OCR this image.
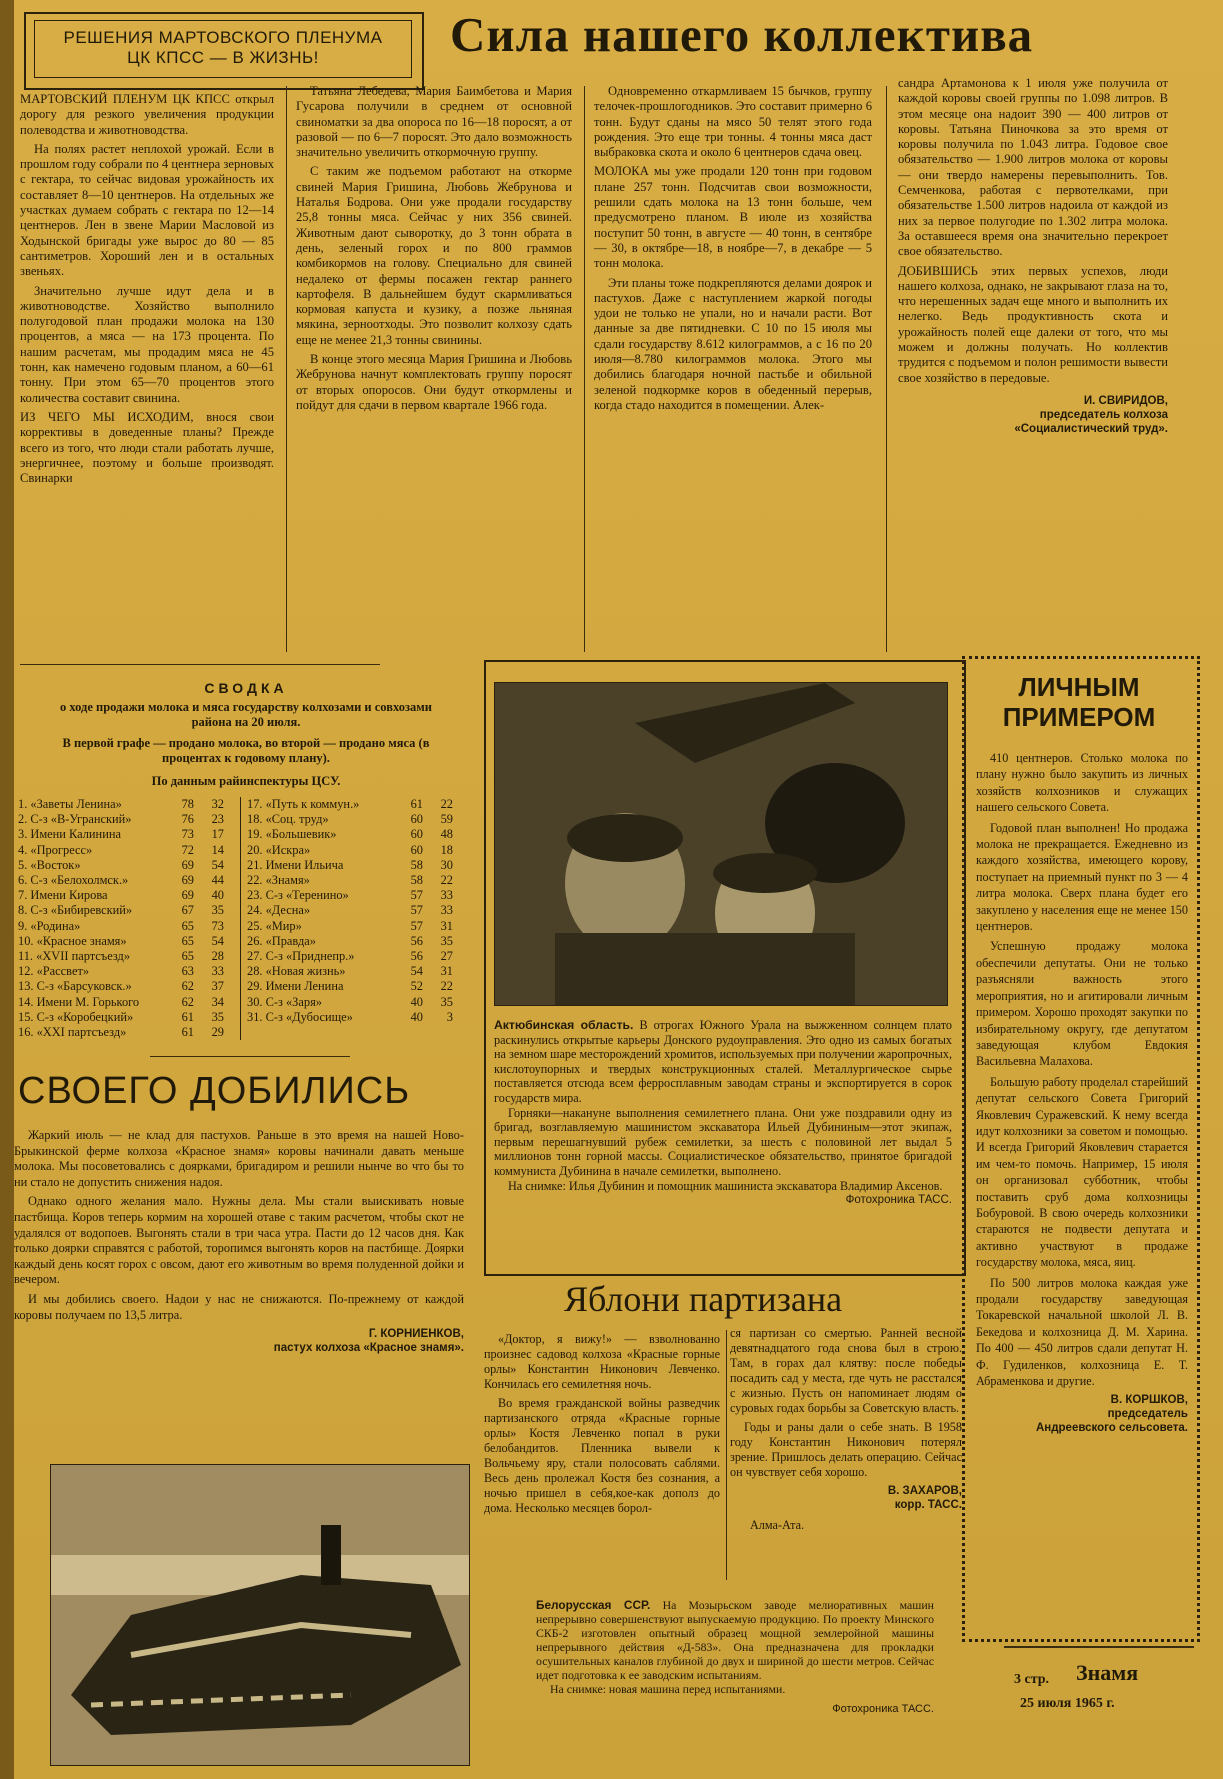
РЕШЕНИЯ МАРТОВСКОГО ПЛЕНУМА
ЦК КПСС — В ЖИЗНЬ!	Сила нашего коллектива

МАРТОВСКИЙ ПЛЕНУМ ЦК КПСС открыл дорогу для резкого увеличения продукции полеводства и животноводства.

На полях растет неплохой урожай. Если в прошлом году собрали по 4 центнера зерновых с гектара, то сейчас видовая урожайность их составляет 8—10 центнеров. На отдельных же участках думаем собрать с гектара по 12—14 центнеров. Лен в звене Марии Масловой из Ходынской бригады уже вырос до 80 — 85 сантиметров. Хороший лен и в остальных звеньях.

Значительно лучше идут дела и в животноводстве. Хозяйство выполнило полугодовой план продажи молока на 130 процентов, а мяса — на 173 процента. По нашим расчетам, мы продадим мяса не 45 тонн, как намечено годовым планом, а 60—61 тонну. При этом 65—70 процентов этого количества составит свинина.

ИЗ ЧЕГО МЫ ИСХОДИМ, внося свои коррективы в доведенные планы? Прежде всего из того, что люди стали работать лучше, энергичнее, поэтому и больше производят. Свинарки

Татьяна Лебедева, Мария Баимбетова и Мария Гусарова получили в среднем от основной свиноматки за два опороса по 16—18 поросят, а от разовой — по 6—7 поросят. Это дало возможность значительно увеличить откормочную группу.

С таким же подъемом работают на откорме свиней Мария Гришина, Любовь Жебрунова и Наталья Бодрова. Они уже продали государству 25,8 тонны мяса. Сейчас у них 356 свиней. Животным дают сыворотку, до 3 тонн обрата в день, зеленый горох и по 800 граммов комбикормов на голову. Специально для свиней недалеко от фермы посажен гектар раннего картофеля. В дальнейшем будут скармливаться кормовая капуста и кузику, а позже льняная мякина, зерноотходы. Это позволит колхозу сдать еще не менее 21,3 тонны свинины.

В конце этого месяца Мария Гришина и Любовь Жебрунова начнут комплектовать группу поросят от вторых опоросов. Они будут откормлены и пойдут для сдачи в первом квартале 1966 года.

Одновременно откармливаем 15 бычков, группу телочек-прошлогодников. Это составит примерно 6 тонн. Будут сданы на мясо 50 телят этого года рождения. Это еще три тонны. 4 тонны мяса даст выбраковка скота и около 6 центнеров сдача овец.

МОЛОКА мы уже продали 120 тонн при годовом плане 257 тонн. Подсчитав свои возможности, решили сдать молока на 13 тонн больше, чем предусмотрено планом. В июле из хозяйства поступит 50 тонн, в августе — 40 тонн, в сентябре — 30, в октябре—18, в ноябре—7, в декабре — 5 тонн молока.

Эти планы тоже подкрепляются делами доярок и пастухов. Даже с наступлением жаркой погоды удои не только не упали, но и начали расти. Вот данные за две пятидневки. С 10 по 15 июля мы сдали государству 8.612 килограммов, а с 16 по 20 июля—8.780 килограммов молока. Этого мы добились благодаря ночной пастьбе и обильной зеленой подкормке коров в обеденный перерыв, когда стадо находится в помещении. Алек-

сандра Артамонова к 1 июля уже получила от каждой коровы своей группы по 1.098 литров. В этом месяце она надоит 390 — 400 литров от коровы. Татьяна Пиночкова за это время от коровы получила по 1.043 литра. Годовое свое обязательство — 1.900 литров молока от коровы — они твердо намерены перевыполнить. Тов. Семченкова, работая с первотелками, при обязательстве 1.500 литров надоила от каждой из них за первое полугодие по 1.302 литра молока. За оставшееся время она значительно перекроет свое обязательство.

ДОБИВШИСЬ этих первых успехов, люди нашего колхоза, однако, не закрывают глаза на то, что нерешенных задач еще много и выполнить их нелегко. Ведь продуктивность скота и урожайность полей еще далеки от того, что мы можем и должны получать. Но коллектив трудится с подъемом и полон решимости вывести свое хозяйство в передовые.

И. СВИРИДОВ,
председатель колхоза
«Социалистический труд».
СВОДКА
о ходе продажи молока и мяса государству колхозами и совхозами района на 20 июля.
В первой графе — продано молока, во второй — продано мяса (в процентах к годовому плану).
По данным райинспектуры ЦСУ.
1. «Заветы Ленина»	78	32
2. С-з «В-Угранский»	76	23
3. Имени Калинина	73	17
4. «Прогресс»	72	14
5. «Восток»	69	54
6. С-з «Белохолмск.»	69	44
7. Имени Кирова	69	40
8. С-з «Бибиревский»	67	35
9. «Родина»	65	73
10. «Красное знамя»	65	54
11. «XVII партсъезд»	65	28
12. «Рассвет»	63	33
13. С-з «Барсуковск.»	62	37
14. Имени М. Горького	62	34
15. С-з «Коробецкий»	61	35
16. «XXI партсъезд»	61	29
17. «Путь к коммун.»	61	22
18. «Соц. труд»	60	59
19. «Большевик»	60	48
20. «Искра»	60	18
21. Имени Ильича	58	30
22. «Знамя»	58	22
23. С-з «Теренино»	57	33
24. «Десна»	57	33
25. «Мир»	57	31
26. «Правда»	56	35
27. С-з «Приднепр.»	56	27
28. «Новая жизнь»	54	31
29. Имени Ленина	52	22
30. С-з «Заря»	40	35
31. С-з «Дубосище»	40	3
СВОЕГО ДОБИЛИСЬ

Жаркий июль — не клад для пастухов. Раньше в это время на нашей Ново-Брыкинской ферме колхоза «Красное знамя» коровы начинали давать меньше молока. Мы посоветовались с доярками, бригадиром и решили нынче во что бы то ни стало не допустить снижения надоя.

Однако одного желания мало. Нужны дела. Мы стали выискивать новые пастбища. Коров теперь кормим на хорошей отаве с таким расчетом, чтобы скот не удалялся от водопоев. Выгонять стали в три часа утра. Пасти до 12 часов дня. Как только доярки справятся с работой, торопимся выгонять коров на пастбище. Доярки каждый день косят горох с овсом, дают его животным во время полуденной дойки и вечером.

И мы добились своего. Надои у нас не снижаются. По-прежнему от каждой коровы получаем по 13,5 литра.

Г. КОРНИЕНКОВ,
пастух колхоза «Красное знамя».
Актюбинская область. В отрогах Южного Урала на выжженном солнцем плато раскинулись открытые карьеры Донского рудоуправления. Это одно из самых богатых на земном шаре месторождений хромитов, используемых при получении жаропрочных, кислотоупорных и твердых конструкционных сталей. Металлургическое сырье поставляется отсюда всем ферросплавным заводам страны и экспортируется в сорок государств мира.
Горняки—накануне выполнения семилетнего плана. Они уже поздравили одну из бригад, возглавляемую машинистом экскаватора Ильей Дубининым—этот экипаж, первым перешагнувший рубеж семилетки, за шесть с половиной лет выдал 5 миллионов тонн горной массы. Социалистическое обязательство, принятое бригадой коммуниста Дубинина в начале семилетки, выполнено.
На снимке: Илья Дубинин и помощник машиниста экскаватора Владимир Аксенов.
Фотохроника ТАСС.
Яблони партизана

«Доктор, я вижу!» — взволнованно произнес садовод колхоза «Красные горные орлы» Константин Никонович Левченко. Кончилась его семилетняя ночь.

Во время гражданской войны разведчик партизанского отряда «Красные горные орлы» Костя Левченко попал в руки белобандитов. Пленника вывели к Вольчьему яру, стали полосовать саблями. Весь день пролежал Костя без сознания, а ночью пришел в себя,кое-как дополз до дома. Несколько месяцев борол-

ся партизан со смертью. Ранней весной девятнадцатого года снова был в строю. Там, в горах дал клятву: после победы посадить сад у места, где чуть не расстался с жизнью. Пусть он напоминает людям о суровых годах борьбы за Советскую власть.

Годы и раны дали о себе знать. В 1958 году Константин Никонович потерял зрение. Пришлось делать операцию. Сейчас он чувствует себя хорошо.

В. ЗАХАРОВ,
корр. ТАСС.
Алма-Ата.
Белорусская ССР. На Мозырьском заводе мелиоративных машин непрерывно совершенствуют выпускаемую продукцию. По проекту Минского СКБ-2 изготовлен опытный образец мощной землеройной машины непрерывного действия «Д-583». Она предназначена для прокладки осушительных каналов глубиной до двух и шириной до шести метров. Сейчас идет подготовка к ее заводским испытаниям.
На снимке: новая машина перед испытаниями.
Фотохроника ТАСС.
ЛИЧНЫМ
ПРИМЕРОМ

410 центнеров. Столько молока по плану нужно было закупить из личных хозяйств колхозников и служащих нашего сельского Совета.

Годовой план выполнен! Но продажа молока не прекращается. Ежедневно из каждого хозяйства, имеющего корову, поступает на приемный пункт по 3 — 4 литра молока. Сверх плана будет его закуплено у населения еще не менее 150 центнеров.

Успешную продажу молока обеспечили депутаты. Они не только разъясняли важность этого мероприятия, но и агитировали личным примером. Хорошо проходят закупки по избирательному округу, где депутатом заведующая клубом Евдокия Васильевна Малахова.

Большую работу проделал старейший депутат сельского Совета Григорий Яковлевич Суражевский. К нему всегда идут колхозники за советом и помощью. И всегда Григорий Яковлевич старается им чем-то помочь. Например, 15 июля он организовал субботник, чтобы поставить сруб дома колхозницы Бобуровой. В свою очередь колхозники стараются не подвести депутата и активно участвуют в продаже государству молока, мяса, яиц.

По 500 литров молока каждая уже продали государству заведующая Токаревской начальной школой Л. В. Бекедова и колхозница Д. М. Харина. По 400 — 450 литров сдали депутат Н. Ф. Гудиленков, колхозница Е. Т. Абраменкова и другие.

В. КОРШКОВ,
председатель
Андреевского сельсовета.
3 стр. Знамя
25 июля 1965 г.
